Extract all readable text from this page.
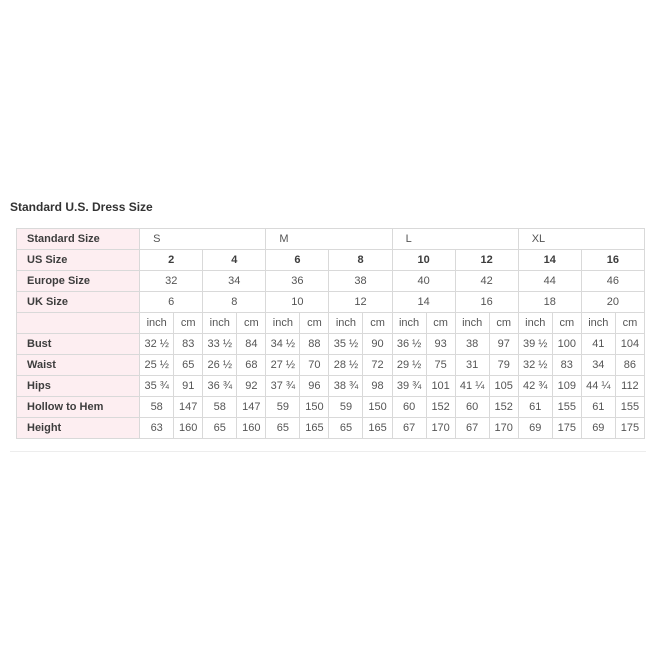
Standard U.S. Dress Size
Standard Size	S				M				L				XL			
US Size	2		4		6		8		10		12		14		16	
Europe Size	32		34		36		38		40		42		44		46	
UK Size	6		8		10		12		14		16		18		20	
	inch	cm	inch	cm	inch	cm	inch	cm	inch	cm	inch	cm	inch	cm	inch	cm
Bust	32 ½	83	33 ½	84	34 ½	88	35 ½	90	36 ½	93	38	97	39 ½	100	41	104
Waist	25 ½	65	26 ½	68	27 ½	70	28 ½	72	29 ½	75	31	79	32 ½	83	34	86
Hips	35 ¾	91	36 ¾	92	37 ¾	96	38 ¾	98	39 ¾	101	41 ¼	105	42 ¾	109	44 ¼	112
Hollow to Hem	58	147	58	147	59	150	59	150	60	152	60	152	61	155	61	155
Height	63	160	65	160	65	165	65	165	67	170	67	170	69	175	69	175
